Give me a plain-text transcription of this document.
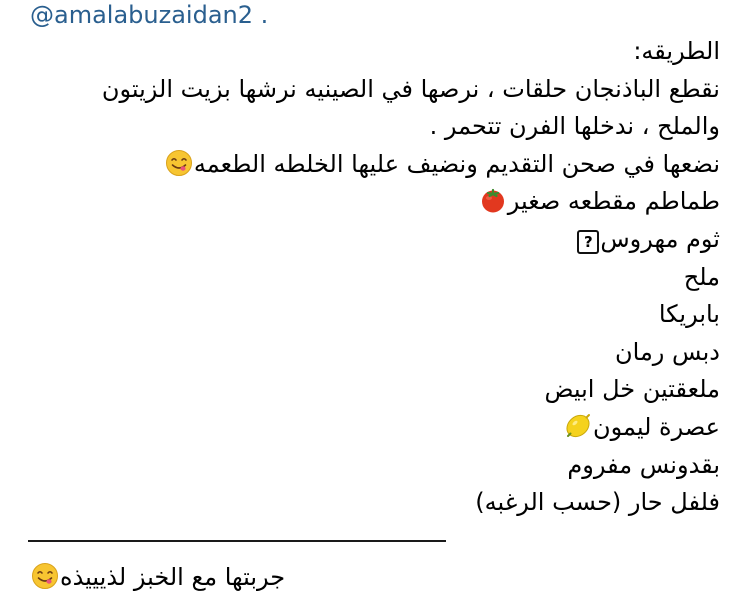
@amalabuzaidan2 .
الطريقه:
نقطع الباذنجان حلقات ، نرصها في الصينيه نرشها بزيت الزيتون
والملح ، ندخلها الفرن تتحمر .
نضعها في صحن التقديم ونضيف عليها الخلطه الطعمه
طماطم مقطعه صغير
ثوم مهروس?
ملح
بابريكا
دبس رمان
ملعقتين خل ابيض
عصرة ليمون
بقدونس مفروم
فلفل حار (حسب الرغبه)
جربتها مع الخبز لذيييذه
